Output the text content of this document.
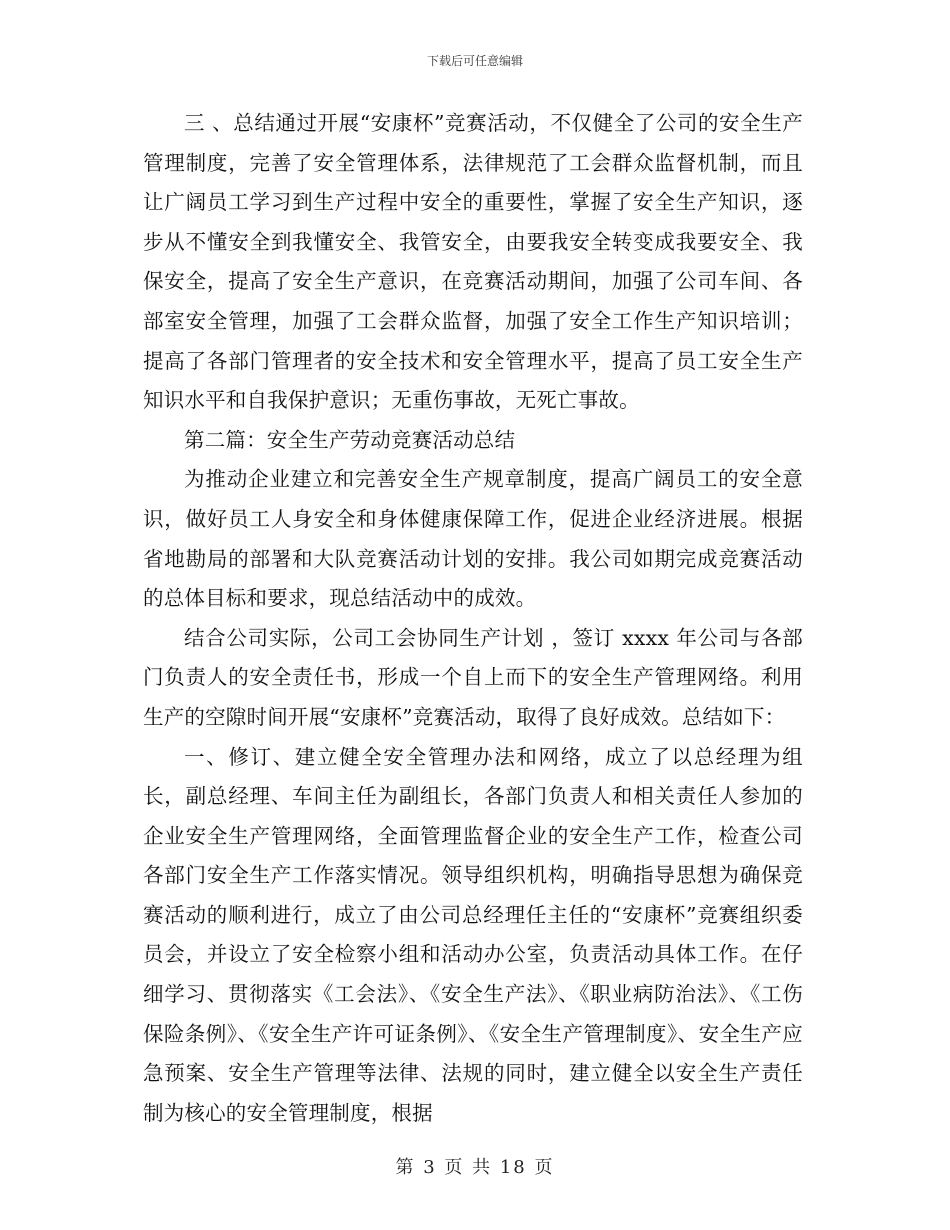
下载后可任意编辑

三 、总结通过开展“安康杯”竞赛活动，不仅健全了公司的安全生产管理制度，完善了安全管理体系，法律规范了工会群众监督机制，而且让广阔员工学习到生产过程中安全的重要性，掌握了安全生产知识，逐步从不懂安全到我懂安全、我管安全，由要我安全转变成我要安全、我保安全，提高了安全生产意识，在竞赛活动期间，加强了公司车间、各部室安全管理，加强了工会群众监督，加强了安全工作生产知识培训；提高了各部门管理者的安全技术和安全管理水平，提高了员工安全生产知识水平和自我保护意识；无重伤事故，无死亡事故。

第二篇：安全生产劳动竞赛活动总结

为推动企业建立和完善安全生产规章制度，提高广阔员工的安全意识，做好员工人身安全和身体健康保障工作，促进企业经济进展。根据省地勘局的部署和大队竞赛活动计划的安排。我公司如期完成竞赛活动的总体目标和要求，现总结活动中的成效。

结合公司实际，公司工会协同生产计划 ，签订 xxxx 年公司与各部门负责人的安全责任书，形成一个自上而下的安全生产管理网络。利用生产的空隙时间开展“安康杯”竞赛活动，取得了良好成效。总结如下：

一、修订、建立健全安全管理办法和网络，成立了以总经理为组长，副总经理、车间主任为副组长，各部门负责人和相关责任人参加的企业安全生产管理网络，全面管理监督企业的安全生产工作，检查公司各部门安全生产工作落实情况。领导组织机构，明确指导思想为确保竞赛活动的顺利进行，成立了由公司总经理任主任的“安康杯”竞赛组织委员会，并设立了安全检察小组和活动办公室，负责活动具体工作。在仔细学习、贯彻落实《工会法》、《安全生产法》、《职业病防治法》、《工伤保险条例》、《安全生产许可证条例》、《安全生产管理制度》、安全生产应急预案、安全生产管理等法律、法规的同时，建立健全以安全生产责任制为核心的安全管理制度，根据

第 3 页 共 18 页
